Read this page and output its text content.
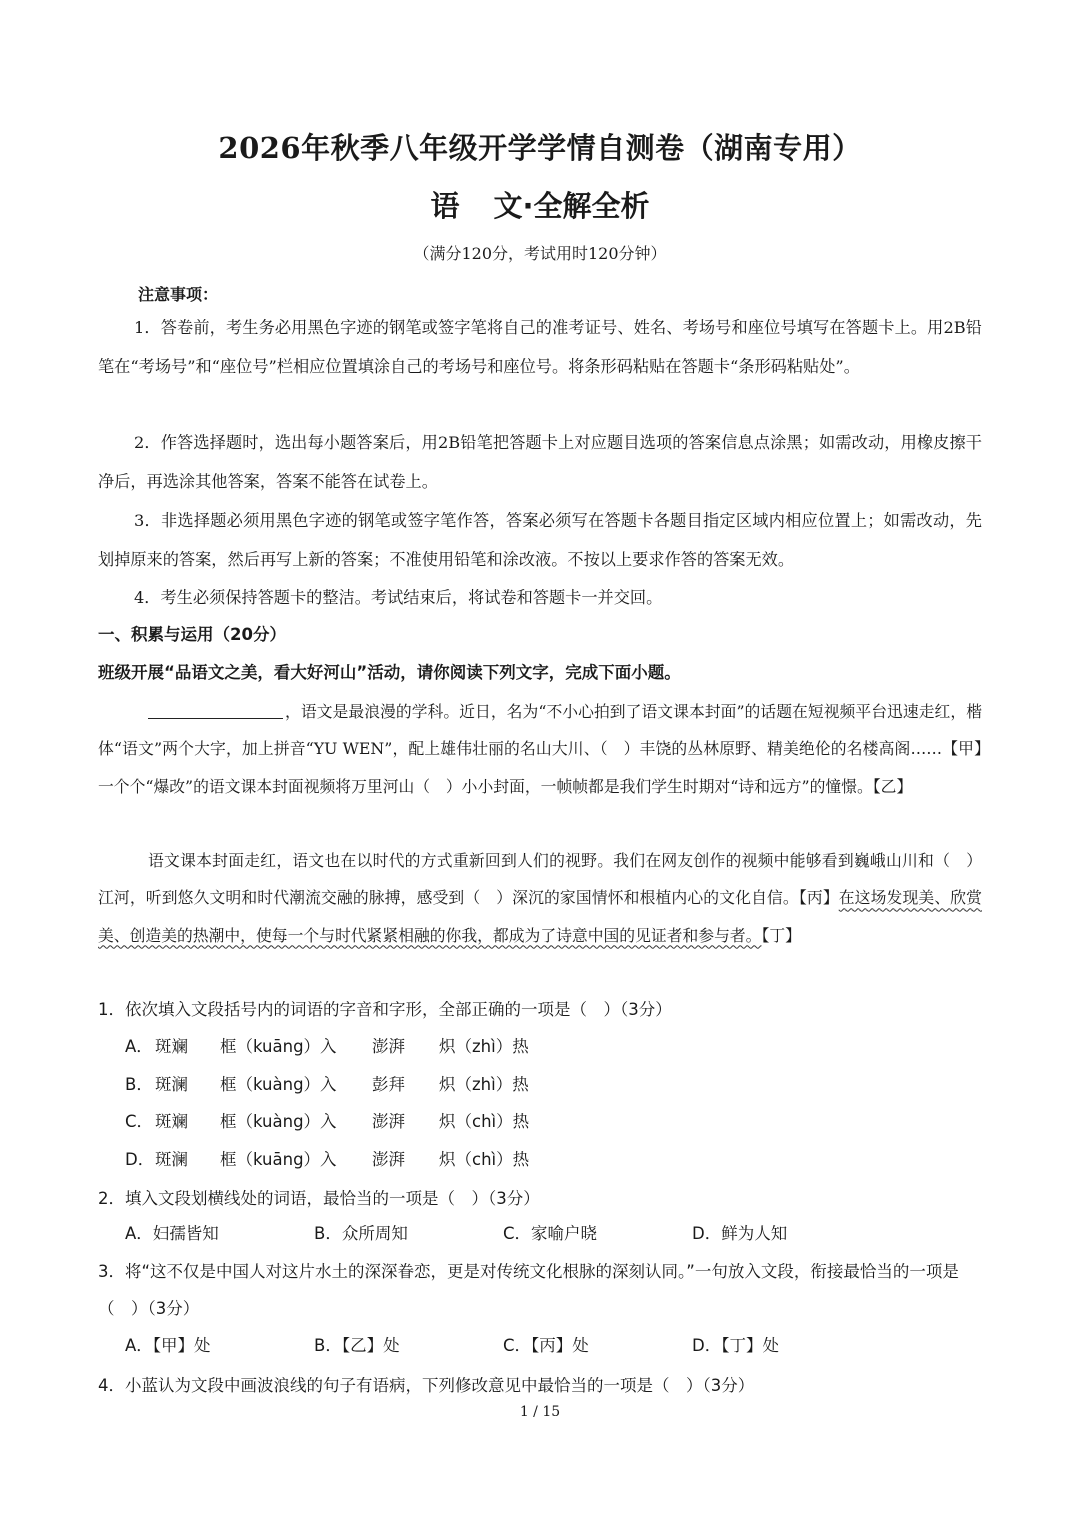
2026年秋季八年级开学学情自测卷（湖南专用）
语 文·全解全析
（满分120分，考试用时120分钟）
注意事项：

1．答卷前，考生务必用黑色字迹的钢笔或签字笔将自己的准考证号、姓名、考场号和座位号填写在答题卡上。用2B铅笔在“考场号”和“座位号”栏相应位置填涂自己的考场号和座位号。将条形码粘贴在答题卡“条形码粘贴处”。

2．作答选择题时，选出每小题答案后，用2B铅笔把答题卡上对应题目选项的答案信息点涂黑；如需改动，用橡皮擦干净后，再选涂其他答案，答案不能答在试卷上。

3．非选择题必须用黑色字迹的钢笔或签字笔作答，答案必须写在答题卡各题目指定区域内相应位置上；如需改动，先划掉原来的答案，然后再写上新的答案；不准使用铅笔和涂改液。不按以上要求作答的答案无效。

4．考生必须保持答题卡的整洁。考试结束后，将试卷和答题卡一并交回。

一、积累与运用（20分）
班级开展“品语文之美，看大好河山”活动，请你阅读下列文字，完成下面小题。

，语文是最浪漫的学科。近日，名为“不小心拍到了语文课本封面”的话题在短视频平台迅速走红，楷体“语文”两个大字，加上拼音“YU WEN”，配上雄伟壮丽的名山大川、（　）丰饶的丛林原野、精美绝伦的名楼高阁……【甲】一个个“爆改”的语文课本封面视频将万里河山（　）小小封面，一帧帧都是我们学生时期对“诗和远方”的憧憬。【乙】

语文课本封面走红，语文也在以时代的方式重新回到人们的视野。我们在网友创作的视频中能够看到巍峨山川和（　）江河，听到悠久文明和时代潮流交融的脉搏，感受到（　）深沉的家国情怀和根植内心的文化自信。【丙】在这场发现美、欣赏美、创造美的热潮中，使每一个与时代紧紧相融的你我，都成为了诗意中国的见证者和参与者。【丁】

1．依次填入文段括号内的词语的字音和字形，全部正确的一项是（　）（3分）

A． 斑斓 框（kuāng）入 澎湃 炽（zhì）热
B． 斑澜 框（kuàng）入 彭拜 炽（zhì）热
C． 斑斓 框（kuàng）入 澎湃 炽（chì）热
D．斑澜 框（kuāng）入 澎湃 炽（chì）热

2．填入文段划横线处的词语，最恰当的一项是（　）（3分）

A．妇孺皆知	B．众所周知	C．家喻户晓	D．鲜为人知

3．将“这不仅是中国人对这片水土的深深眷恋，更是对传统文化根脉的深刻认同。”一句放入文段，衔接最恰当的一项是（　）（3分）

A．【甲】处	B．【乙】处	C．【丙】处	D．【丁】处

4．小蓝认为文段中画波浪线的句子有语病，下列修改意见中最恰当的一项是（　）（3分）

1 / 15
